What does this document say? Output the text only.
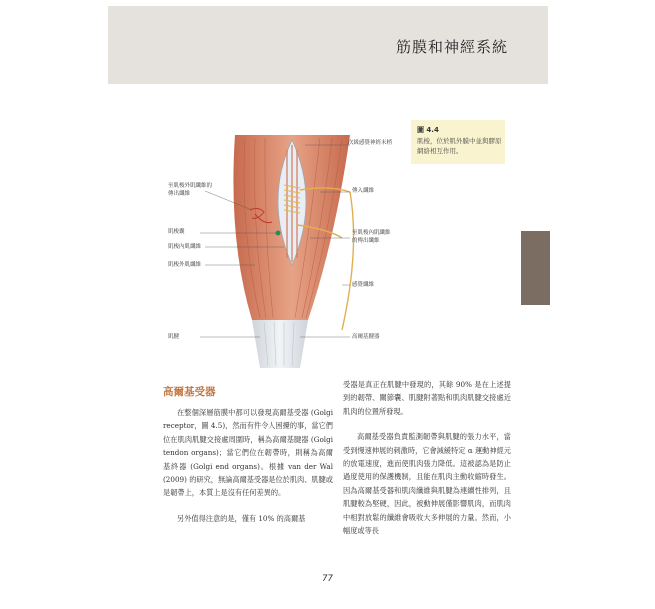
筋膜和神經系統
圖 4.4
肌梭，位於肌外膜中並與膠原網絡相互作用。
次級感覺神經末梢
傳入纖維
至肌梭外肌纖維的
傳出纖維
肌梭囊	至肌梭內肌纖維
的傳出纖維
肌梭內肌纖維
肌梭外肌纖維
感覺纖維
肌腱	高爾基腱器
高爾基受器

在整個深層筋膜中都可以發現高爾基受器 (Golgi receptor，圖 4.5)，然而有件令人困擾的事，當它們位在肌肉肌腱交接處周圍時，稱為高爾基腱器 (Golgi tendon organs)；當它們位在韌帶時，則稱為高爾基終器 (Golgi end organs)。根據 van der Wal (2009) 的研究，無論高爾基受器是位於肌肉、肌腱或是韌帶上，本質上是沒有任何差異的。

另外值得注意的是，僅有 10% 的高爾基

受器是真正在肌腱中發現的，其餘 90% 是在上述提到的韌帶、關節囊、肌腱附著點和肌肉肌腱交接處近肌肉的位置所發現。

高爾基受器負責監測韌帶與肌腱的張力水平，當受到慢速伸展的刺激時，它會減緩特定 α 運動神經元的放電速度，進而使肌肉張力降低。這被認為是防止過度使用的保護機制，且能在肌肉主動收縮時發生。因為高爾基受器和肌肉纖維與肌腱為連續性排列，且肌腱較為堅硬，因此，被動伸展僅影響肌肉，而肌肉中相對放鬆的纖維會吸收大多伸展的力量。然而，小幅度或等長

77
